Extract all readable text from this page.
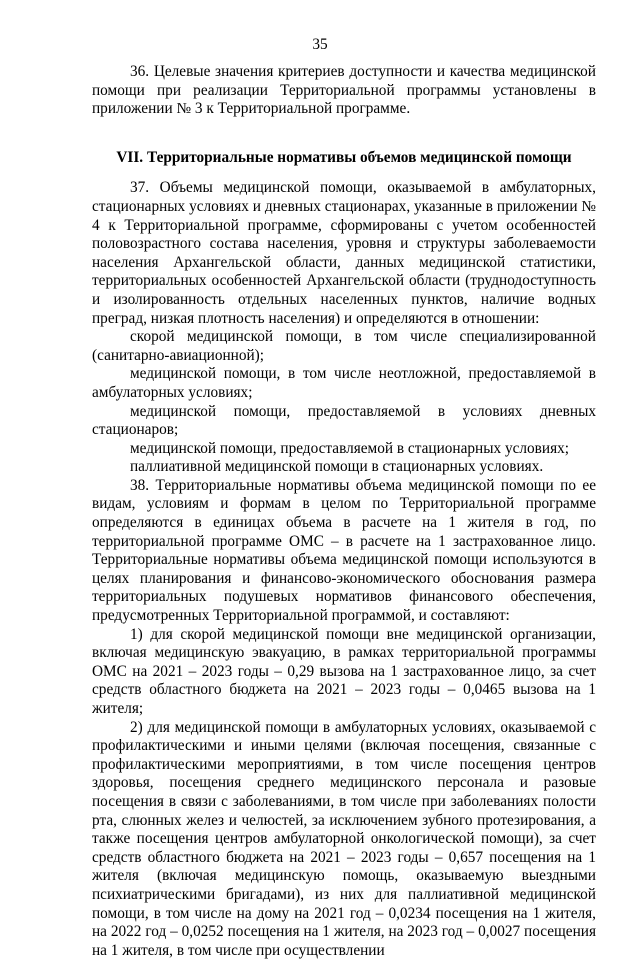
35

36. Целевые значения критериев доступности и качества медицинской помощи при реализации Территориальной программы установлены в приложении № 3 к Территориальной программе.

VII. Территориальные нормативы объемов медицинской помощи

37. Объемы медицинской помощи, оказываемой в амбулаторных, стационарных условиях и дневных стационарах, указанные в приложении № 4 к Территориальной программе, сформированы с учетом особенностей половозрастного состава населения, уровня и структуры заболеваемости населения Архангельской области, данных медицинской статистики, территориальных особенностей Архангельской области (труднодоступность и изолированность отдельных населенных пунктов, наличие водных преград, низкая плотность населения) и определяются в отношении:

скорой медицинской помощи, в том числе специализированной (санитарно-авиационной);

медицинской помощи, в том числе неотложной, предоставляемой в амбулаторных условиях;

медицинской помощи, предоставляемой в условиях дневных стационаров;

медицинской помощи, предоставляемой в стационарных условиях;

паллиативной медицинской помощи в стационарных условиях.

38. Территориальные нормативы объема медицинской помощи по ее видам, условиям и формам в целом по Территориальной программе определяются в единицах объема в расчете на 1 жителя в год, по территориальной программе ОМС – в расчете на 1 застрахованное лицо. Территориальные нормативы объема медицинской помощи используются в целях планирования и финансово-экономического обоснования размера территориальных подушевых нормативов финансового обеспечения, предусмотренных Территориальной программой, и составляют:

1) для скорой медицинской помощи вне медицинской организации, включая медицинскую эвакуацию, в рамках территориальной программы ОМС на 2021 – 2023 годы – 0,29 вызова на 1 застрахованное лицо, за счет средств областного бюджета на 2021 – 2023 годы – 0,0465 вызова на 1 жителя;

2) для медицинской помощи в амбулаторных условиях, оказываемой с профилактическими и иными целями (включая посещения, связанные с профилактическими мероприятиями, в том числе посещения центров здоровья, посещения среднего медицинского персонала и разовые посещения в связи с заболеваниями, в том числе при заболеваниях полости рта, слюнных желез и челюстей, за исключением зубного протезирования, а также посещения центров амбулаторной онкологической помощи), за счет средств областного бюджета на 2021 – 2023 годы – 0,657 посещения на 1 жителя (включая медицинскую помощь, оказываемую выездными психиатрическими бригадами), из них для паллиативной медицинской помощи, в том числе на дому на 2021 год – 0,0234 посещения на 1 жителя, на 2022 год – 0,0252 посещения на 1 жителя, на 2023 год – 0,0027 посещения на 1 жителя, в том числе при осуществлении
